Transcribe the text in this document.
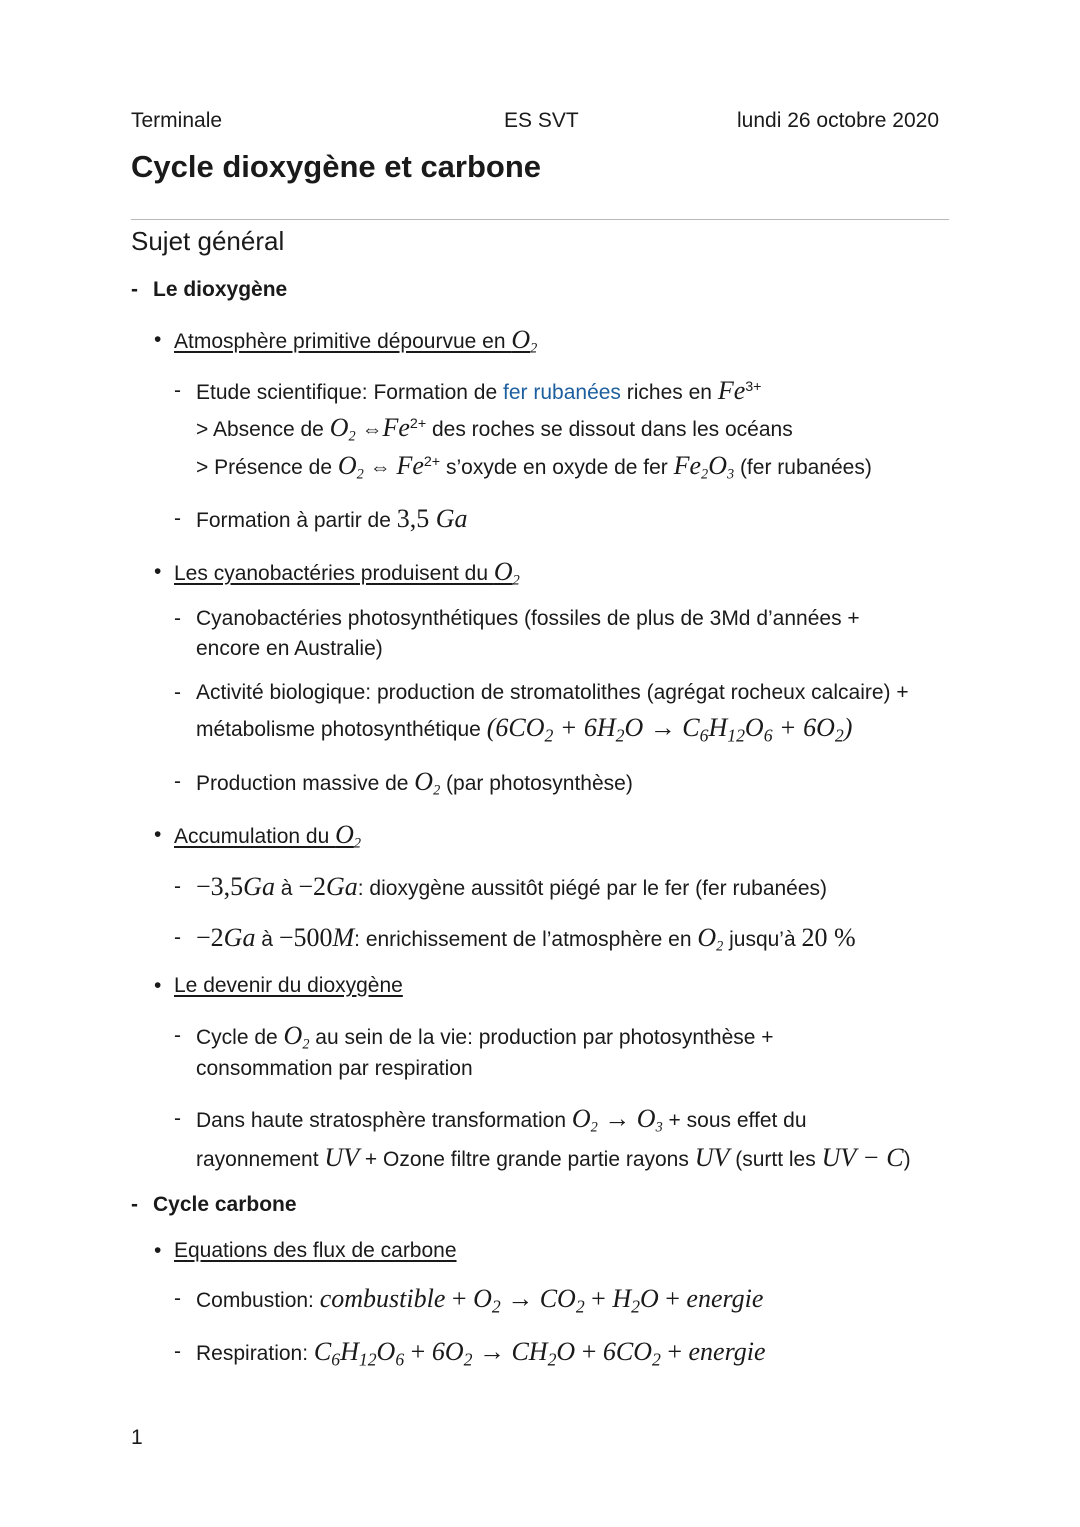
Terminale	ES SVT	lundi 26 octobre 2020
Cycle dioxygène et carbone
Sujet général
- Le dioxygène
• Atmosphère primitive dépourvue en $O_2$
- Etude scientifique: Formation de fer rubanées riches en $Fe^{3+}$
> Absence de $O_2$ $\Leftrightarrow Fe^{2+}$ des roches se dissout dans les océans
> Présence de $O_2$ ⇔ $Fe^{2+}$ s’oxyde en oxyde de fer $Fe_2O_3$ (fer rubanées)
- Formation à partir de 3,5 Ga
• Les cyanobactéries produisent du $O_2$
- Cyanobactéries photosynthétiques (fossiles de plus de 3Md d’années +
encore en Australie)
- Activité biologique: production de stromatolithes (agrégat rocheux calcaire) +
métabolisme photosynthétique $(6CO_2 + 6H_2O \to C_6H_{12}O_6 + 6O_2)$
- Production massive de $O_2$ (par photosynthèse)
• Accumulation du $O_2$
- −3,5Ga à −2Ga: dioxygène aussitôt piégé par le fer (fer rubanées)
- −2Ga à −500M: enrichissement de l’atmosphère en $O_2$ jusqu’à 20 %
• Le devenir du dioxygène
- Cycle de $O_2$ au sein de la vie: production par photosynthèse +
consommation par respiration
- Dans haute stratosphère transformation $O_2 \to O_3$ + sous effet du
rayonnement UV + Ozone filtre grande partie rayons UV (surtt les UV − C)
- Cycle carbone
• Equations des flux de carbone
- Combustion: combustible + $O_2 \to CO_2 + H_2O$ + energie
- Respiration: $C_6H_{12}O_6 + 6O_2 \to CH_2O + 6CO_2$ + energie
1
